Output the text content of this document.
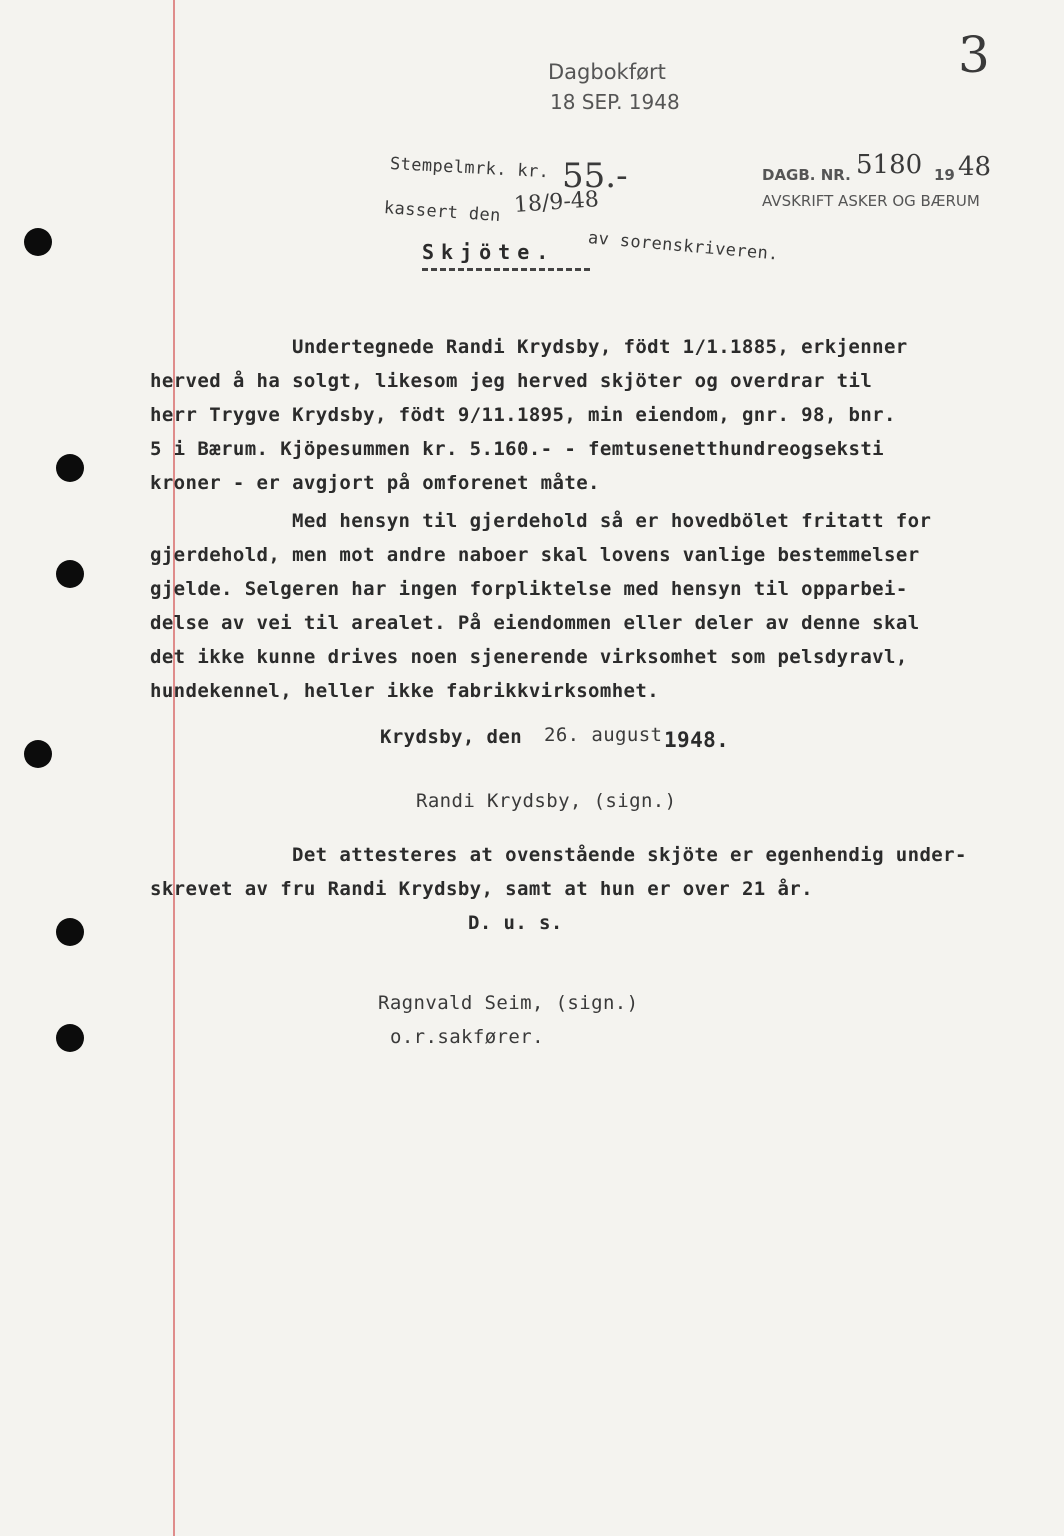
3
Dagbokført
18 SEP. 1948
DAGB. NR. 5180 19 48
AVSKRIFT ASKER OG BÆRUM
Stempelmrk. kr. 55.-
kassert den 18/9-48
av sorenskriveren.
Skjöte.
Undertegnede Randi Krydsby, födt 1/1.1885, erkjenner
herved å ha solgt, likesom jeg herved skjöter og overdrar til
herr Trygve Krydsby, födt 9/11.1895, min eiendom, gnr. 98, bnr.
5 i Bærum. Kjöpesummen kr. 5.160.- - femtusenetthundreogseksti
kroner - er avgjort på omforenet måte.
Med hensyn til gjerdehold så er hovedbölet fritatt for
gjerdehold, men mot andre naboer skal lovens vanlige bestemmelser
gjelde. Selgeren har ingen forpliktelse med hensyn til opparbei-
delse av vei til arealet. På eiendommen eller deler av denne skal
det ikke kunne drives noen sjenerende virksomhet som pelsdyravl,
hundekennel, heller ikke fabrikkvirksomhet.
Krydsby, den 26. august 1948.
Randi Krydsby, (sign.)
Det attesteres at ovenstående skjöte er egenhendig under-
skrevet av fru Randi Krydsby, samt at hun er over 21 år.
D. u. s.
Ragnvald Seim, (sign.)
o.r.sakfører.
